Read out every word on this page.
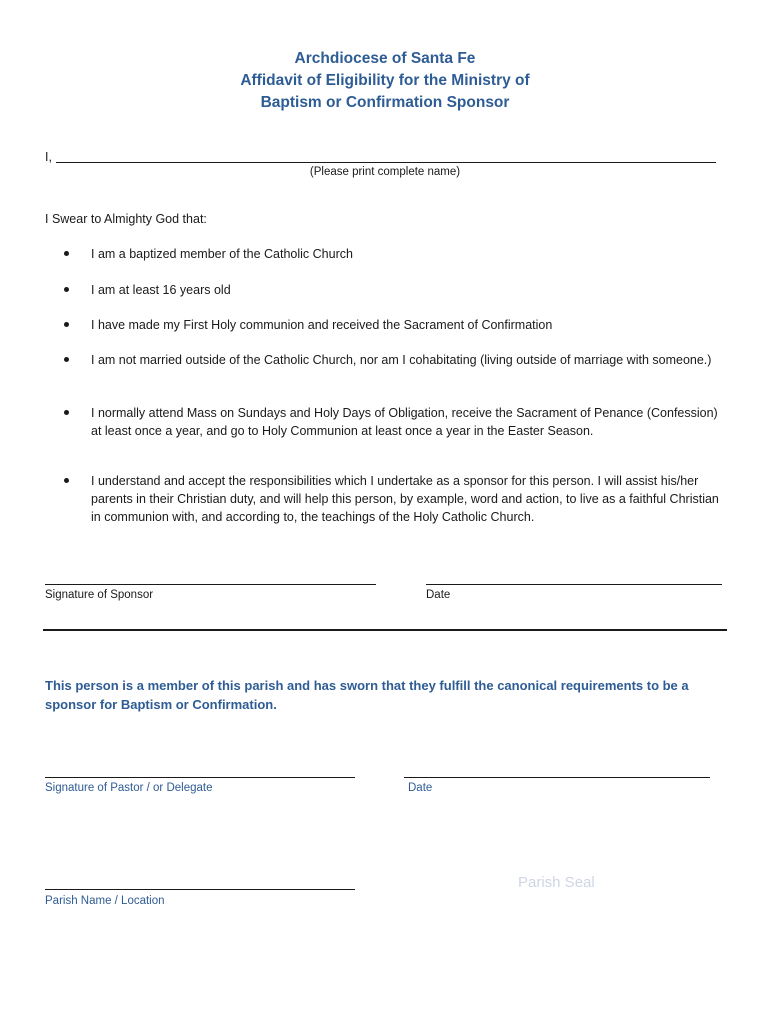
Archdiocese of Santa Fe
Affidavit of Eligibility for the Ministry of
Baptism or Confirmation Sponsor
I,
(Please print complete name)
I Swear to Almighty God that:
I am a baptized member of the Catholic Church
I am at least 16 years old
I have made my First Holy communion and received the Sacrament of Confirmation
I am not married outside of the Catholic Church, nor am I cohabitating (living outside of marriage with someone.)
I normally attend Mass on Sundays and Holy Days of Obligation, receive the Sacrament of Penance (Confession) at least once a year, and go to Holy Communion at least once a year in the Easter Season.
I understand and accept the responsibilities which I undertake as a sponsor for this person. I will assist his/her parents in their Christian duty, and will help this person, by example, word and action, to live as a faithful Christian in communion with, and according to, the teachings of the Holy Catholic Church.
Signature of Sponsor	Date
This person is a member of this parish and has sworn that they fulfill the canonical requirements to be a sponsor for Baptism or Confirmation.
Signature of Pastor / or Delegate	Date
Parish Name / Location
Parish Seal
